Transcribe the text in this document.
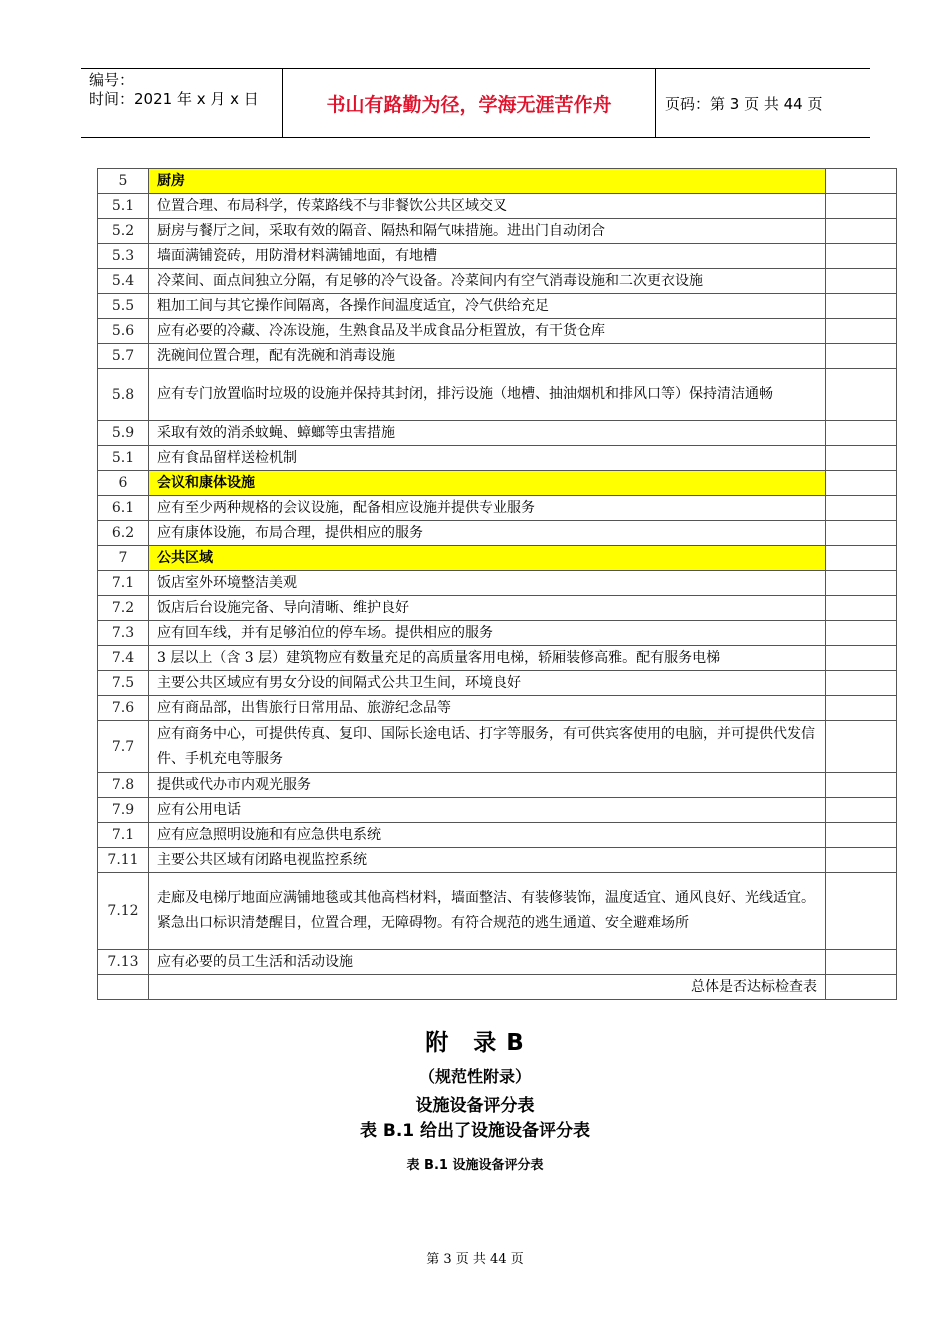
编号：
时间：2021 年 x 月 x 日	书山有路勤为径，学海无涯苦作舟	页码：第 3 页 共 44 页
5	厨房	
5.1	位置合理、布局科学，传菜路线不与非餐饮公共区域交叉	
5.2	厨房与餐厅之间，采取有效的隔音、隔热和隔气味措施。进出门自动闭合	
5.3	墙面满铺瓷砖，用防滑材料满铺地面，有地槽	
5.4	冷菜间、面点间独立分隔，有足够的冷气设备。冷菜间内有空气消毒设施和二次更衣设施	
5.5	粗加工间与其它操作间隔离，各操作间温度适宜，冷气供给充足	
5.6	应有必要的冷藏、冷冻设施，生熟食品及半成食品分柜置放，有干货仓库	
5.7	洗碗间位置合理，配有洗碗和消毒设施	
5.8	应有专门放置临时垃圾的设施并保持其封闭，排污设施（地槽、抽油烟机和排风口等）保持清洁通畅	
5.9	采取有效的消杀蚊蝇、蟑螂等虫害措施	
5.1	应有食品留样送检机制	
6	会议和康体设施	
6.1	应有至少两种规格的会议设施，配备相应设施并提供专业服务	
6.2	应有康体设施，布局合理，提供相应的服务	
7	公共区域	
7.1	饭店室外环境整洁美观	
7.2	饭店后台设施完备、导向清晰、维护良好	
7.3	应有回车线，并有足够泊位的停车场。提供相应的服务	
7.4	3 层以上（含 3 层）建筑物应有数量充足的高质量客用电梯，轿厢装修高雅。配有服务电梯	
7.5	主要公共区域应有男女分设的间隔式公共卫生间，环境良好	
7.6	应有商品部，出售旅行日常用品、旅游纪念品等	
7.7	应有商务中心，可提供传真、复印、国际长途电话、打字等服务，有可供宾客使用的电脑，并可提供代发信件、手机充电等服务	
7.8	提供或代办市内观光服务	
7.9	应有公用电话	
7.1	应有应急照明设施和有应急供电系统	
7.11	主要公共区域有闭路电视监控系统	
7.12	走廊及电梯厅地面应满铺地毯或其他高档材料，墙面整洁、有装修装饰，温度适宜、通风良好、光线适宜。紧急出口标识清楚醒目，位置合理，无障碍物。有符合规范的逃生通道、安全避难场所	
7.13	应有必要的员工生活和活动设施	
	总体是否达标检查表	
附　录 B
（规范性附录）
设施设备评分表
表 B.1 给出了设施设备评分表
表 B.1 设施设备评分表
第 3 页 共 44 页
